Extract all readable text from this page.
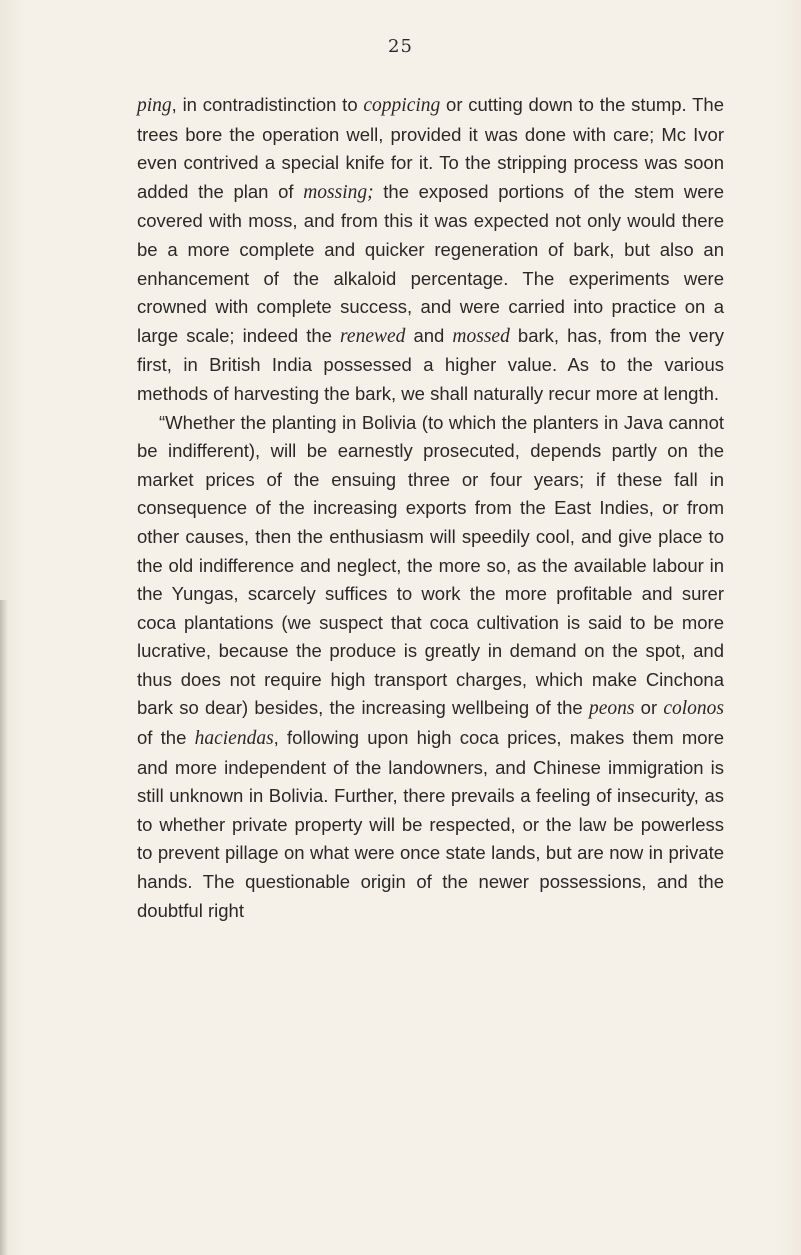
25

ping, in contradistinction to coppicing or cutting down to the stump. The trees bore the operation well, provided it was done with care; Mc Ivor even contrived a special knife for it. To the stripping process was soon added the plan of mossing; the exposed portions of the stem were covered with moss, and from this it was expected not only would there be a more complete and quicker regeneration of bark, but also an enhancement of the alkaloid percentage. The experiments were crowned with complete success, and were carried into practice on a large scale; indeed the renewed and mossed bark, has, from the very first, in British India possessed a higher value. As to the various methods of harvesting the bark, we shall naturally recur more at length.

“Whether the planting in Bolivia (to which the planters in Java cannot be indifferent), will be earnestly prosecuted, depends partly on the market prices of the ensuing three or four years; if these fall in consequence of the increasing exports from the East Indies, or from other causes, then the enthusiasm will speedily cool, and give place to the old indifference and neglect, the more so, as the available labour in the Yungas, scarcely suffices to work the more profitable and surer coca plantations (we suspect that coca cultivation is said to be more lucrative, because the produce is greatly in demand on the spot, and thus does not require high transport charges, which make Cinchona bark so dear) besides, the increasing wellbeing of the peons or colonos of the haciendas, following upon high coca prices, makes them more and more independent of the landowners, and Chinese immigration is still unknown in Bolivia. Further, there prevails a feeling of insecurity, as to whether private property will be respected, or the law be powerless to prevent pillage on what were once state lands, but are now in private hands. The questionable origin of the newer possessions, and the doubtful right
